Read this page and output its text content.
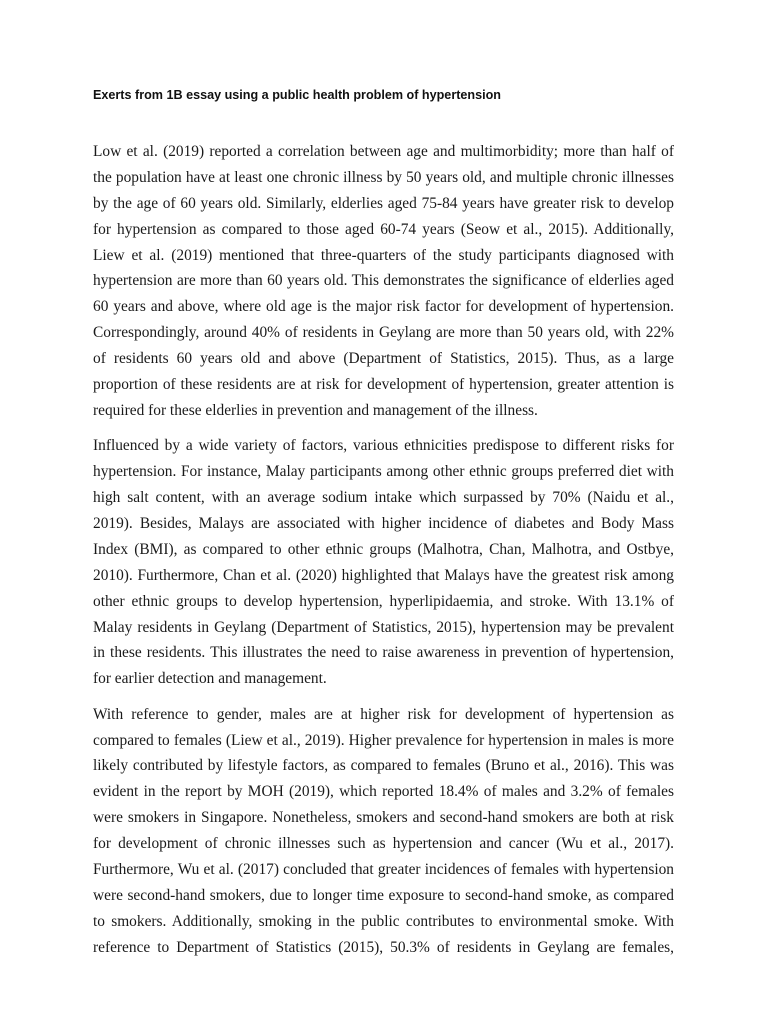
Exerts from 1B essay using a public health problem of hypertension
Low et al. (2019) reported a correlation between age and multimorbidity; more than half of
the population have at least one chronic illness by 50 years old, and multiple chronic illnesses
by the age of 60 years old. Similarly, elderlies aged 75-84 years have greater risk to develop
for hypertension as compared to those aged 60-74 years (Seow et al., 2015). Additionally,
Liew et al. (2019) mentioned that three-quarters of the study participants diagnosed with
hypertension are more than 60 years old. This demonstrates the significance of elderlies aged
60 years and above, where old age is the major risk factor for development of hypertension.
Correspondingly, around 40% of residents in Geylang are more than 50 years old, with 22%
of residents 60 years old and above (Department of Statistics, 2015). Thus, as a large
proportion of these residents are at risk for development of hypertension, greater attention is
required for these elderlies in prevention and management of the illness.
Influenced by a wide variety of factors, various ethnicities predispose to different risks for
hypertension. For instance, Malay participants among other ethnic groups preferred diet with
high salt content, with an average sodium intake which surpassed by 70% (Naidu et al.,
2019). Besides, Malays are associated with higher incidence of diabetes and Body Mass
Index (BMI), as compared to other ethnic groups (Malhotra, Chan, Malhotra, and Ostbye,
2010). Furthermore, Chan et al. (2020) highlighted that Malays have the greatest risk among
other ethnic groups to develop hypertension, hyperlipidaemia, and stroke. With 13.1% of
Malay residents in Geylang (Department of Statistics, 2015), hypertension may be prevalent
in these residents. This illustrates the need to raise awareness in prevention of hypertension,
for earlier detection and management.
With reference to gender, males are at higher risk for development of hypertension as
compared to females (Liew et al., 2019). Higher prevalence for hypertension in males is more
likely contributed by lifestyle factors, as compared to females (Bruno et al., 2016). This was
evident in the report by MOH (2019), which reported 18.4% of males and 3.2% of females
were smokers in Singapore. Nonetheless, smokers and second-hand smokers are both at risk
for development of chronic illnesses such as hypertension and cancer (Wu et al., 2017).
Furthermore, Wu et al. (2017) concluded that greater incidences of females with hypertension
were second-hand smokers, due to longer time exposure to second-hand smoke, as compared
to smokers. Additionally, smoking in the public contributes to environmental smoke. With
reference to Department of Statistics (2015), 50.3% of residents in Geylang are females,
